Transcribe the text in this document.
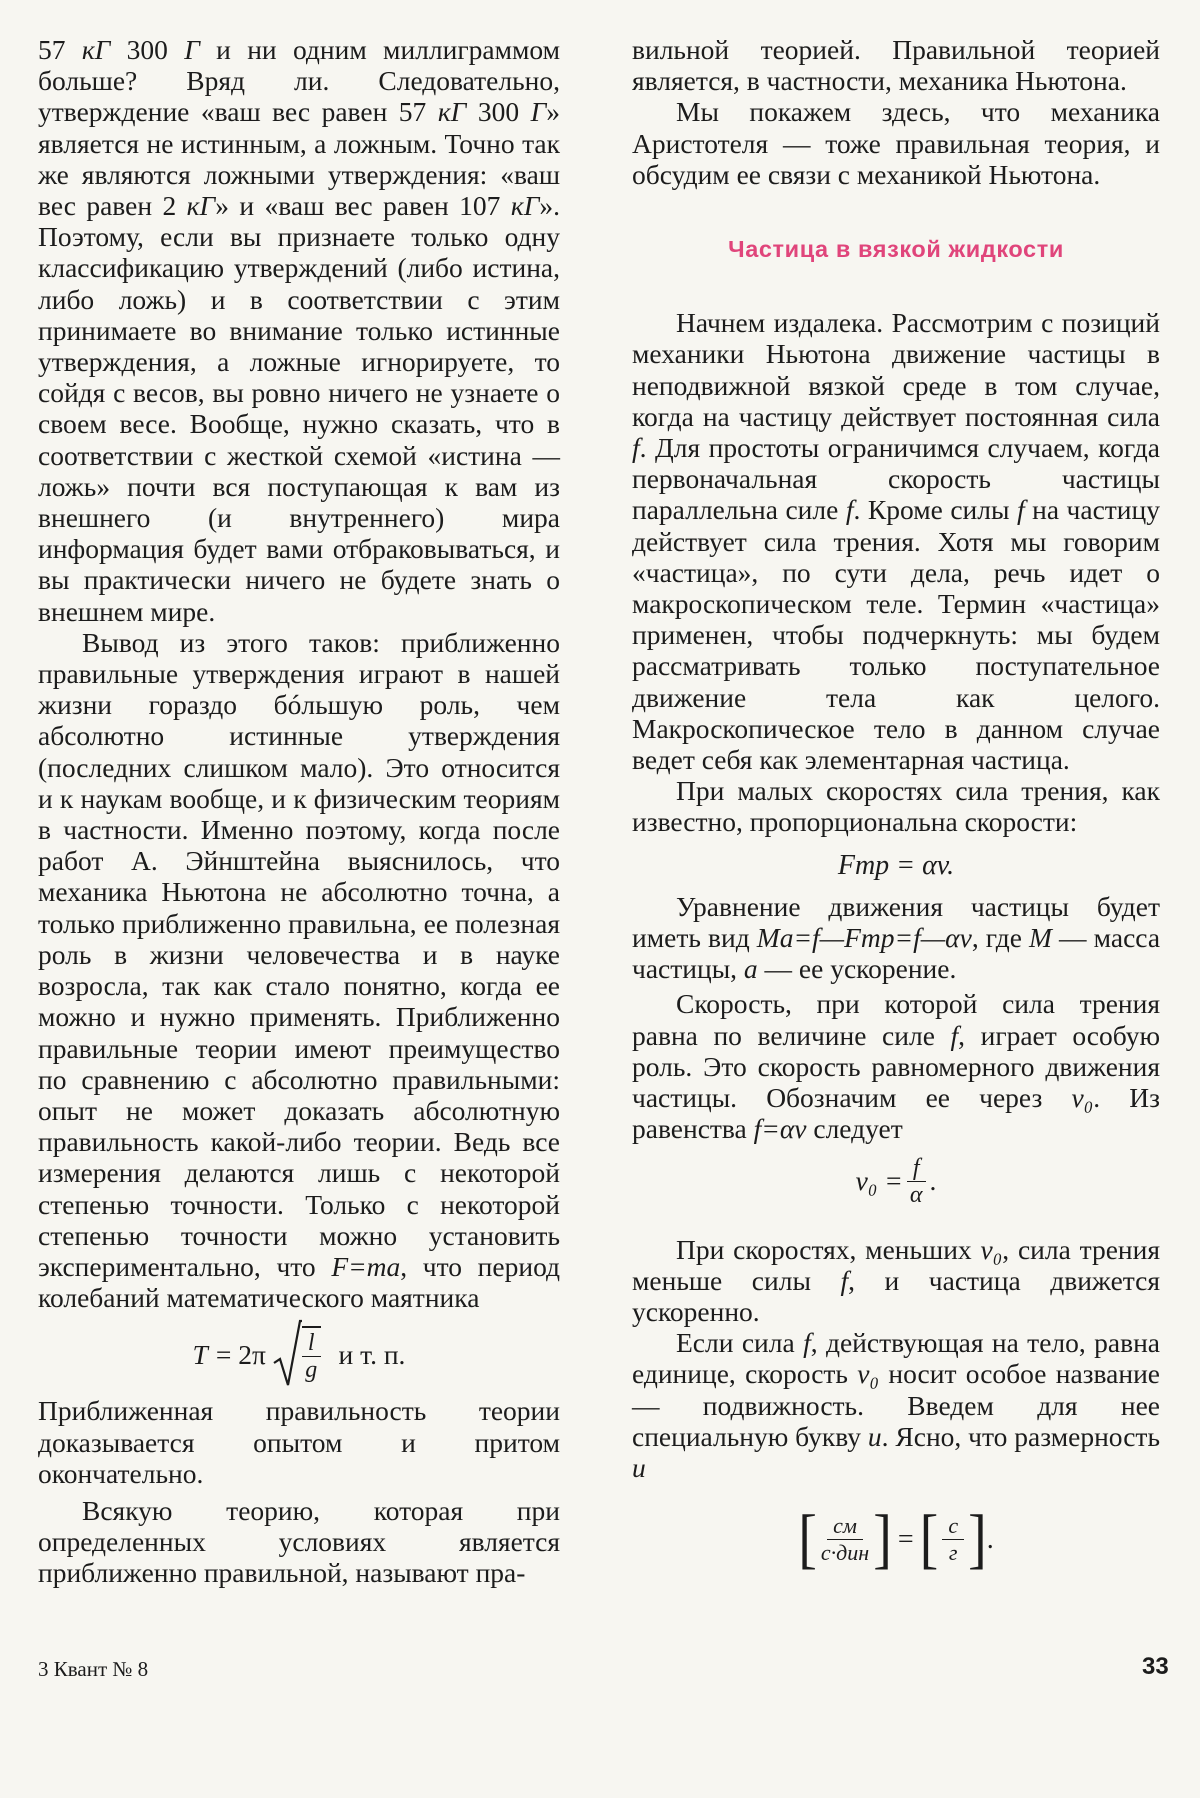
57 кГ 300 Г и ни одним миллиграммом больше? Вряд ли. Следовательно, утверждение «ваш вес равен 57 кГ 300 Г» является не истинным, а ложным. Точно так же являются ложными утверждения: «ваш вес равен 2 кГ» и «ваш вес равен 107 кГ». Поэтому, если вы признаете только одну классификацию утверждений (либо истина, либо ложь) и в соответствии с этим принимаете во внимание только истинные утверждения, а ложные игнорируете, то сойдя с весов, вы ровно ничего не узнаете о своем весе. Вообще, нужно сказать, что в соответствии с жесткой схемой «истина — ложь» почти вся поступающая к вам из внешнего (и внутреннего) мира информация будет вами отбраковываться, и вы практически ничего не будете знать о внешнем мире.

Вывод из этого таков: приближенно правильные утверждения играют в нашей жизни гораздо бóльшую роль, чем абсолютно истинные утверждения (последних слишком мало). Это относится и к наукам вообще, и к физическим теориям в частности. Именно поэтому, когда после работ А. Эйнштейна выяснилось, что механика Ньютона не абсолютно точна, а только приближенно правильна, ее полезная роль в жизни человечества и в науке возросла, так как стало понятно, когда ее можно и нужно применять. Приближенно правильные теории имеют преимущество по сравнению с абсолютно правильными: опыт не может доказать абсолютную правильность какой-либо теории. Ведь все измерения делаются лишь с некоторой степенью точности. Только с некоторой степенью точности можно установить экспериментально, что F=ma, что период колебаний математического маятника

$T = 2\pi \frac{l}{g}$ и т. п.

Приближенная правильность теории доказывается опытом и притом окончательно.

Всякую теорию, которая при определенных условиях является приближенно правильной, называют пра-

вильной теорией. Правильной теорией является, в частности, механика Ньютона.

Мы покажем здесь, что механика Аристотеля — тоже правильная теория, и обсудим ее связи с механикой Ньютона.

Частица в вязкой жидкости

Начнем издалека. Рассмотрим с позиций механики Ньютона движение частицы в неподвижной вязкой среде в том случае, когда на частицу действует постоянная сила f. Для простоты ограничимся случаем, когда первоначальная скорость частицы параллельна силе f. Кроме силы f на частицу действует сила трения. Хотя мы говорим «частица», по сути дела, речь идет о макроскопическом теле. Термин «частица» применен, чтобы подчеркнуть: мы будем рассматривать только поступательное движение тела как целого. Макроскопическое тело в данном случае ведет себя как элементарная частица.

При малых скоростях сила трения, как известно, пропорциональна скорости:

Fтр = αv.

Уравнение движения частицы будет иметь вид Ma=f—Fтр=f—αv, где M — масса частицы, a — ее ускорение.

Скорость, при которой сила трения равна по величине силе f, играет особую роль. Это скорость равномерного движения частицы. Обозначим ее через v₀. Из равенства f=αv следует

$v_0 = \frac{f}{\alpha}$ .

При скоростях, меньших v₀, сила трения меньше силы f, и частица движется ускоренно.

Если сила f, действующая на тело, равна единице, скорость v₀ носит особое название — подвижность. Введем для нее специальную букву u. Ясно, что размерность u

[ $\frac{см}{\text{с·дин}}$ ] = [ $\frac{с}{г}$ ] .
3 Квант № 8	33
